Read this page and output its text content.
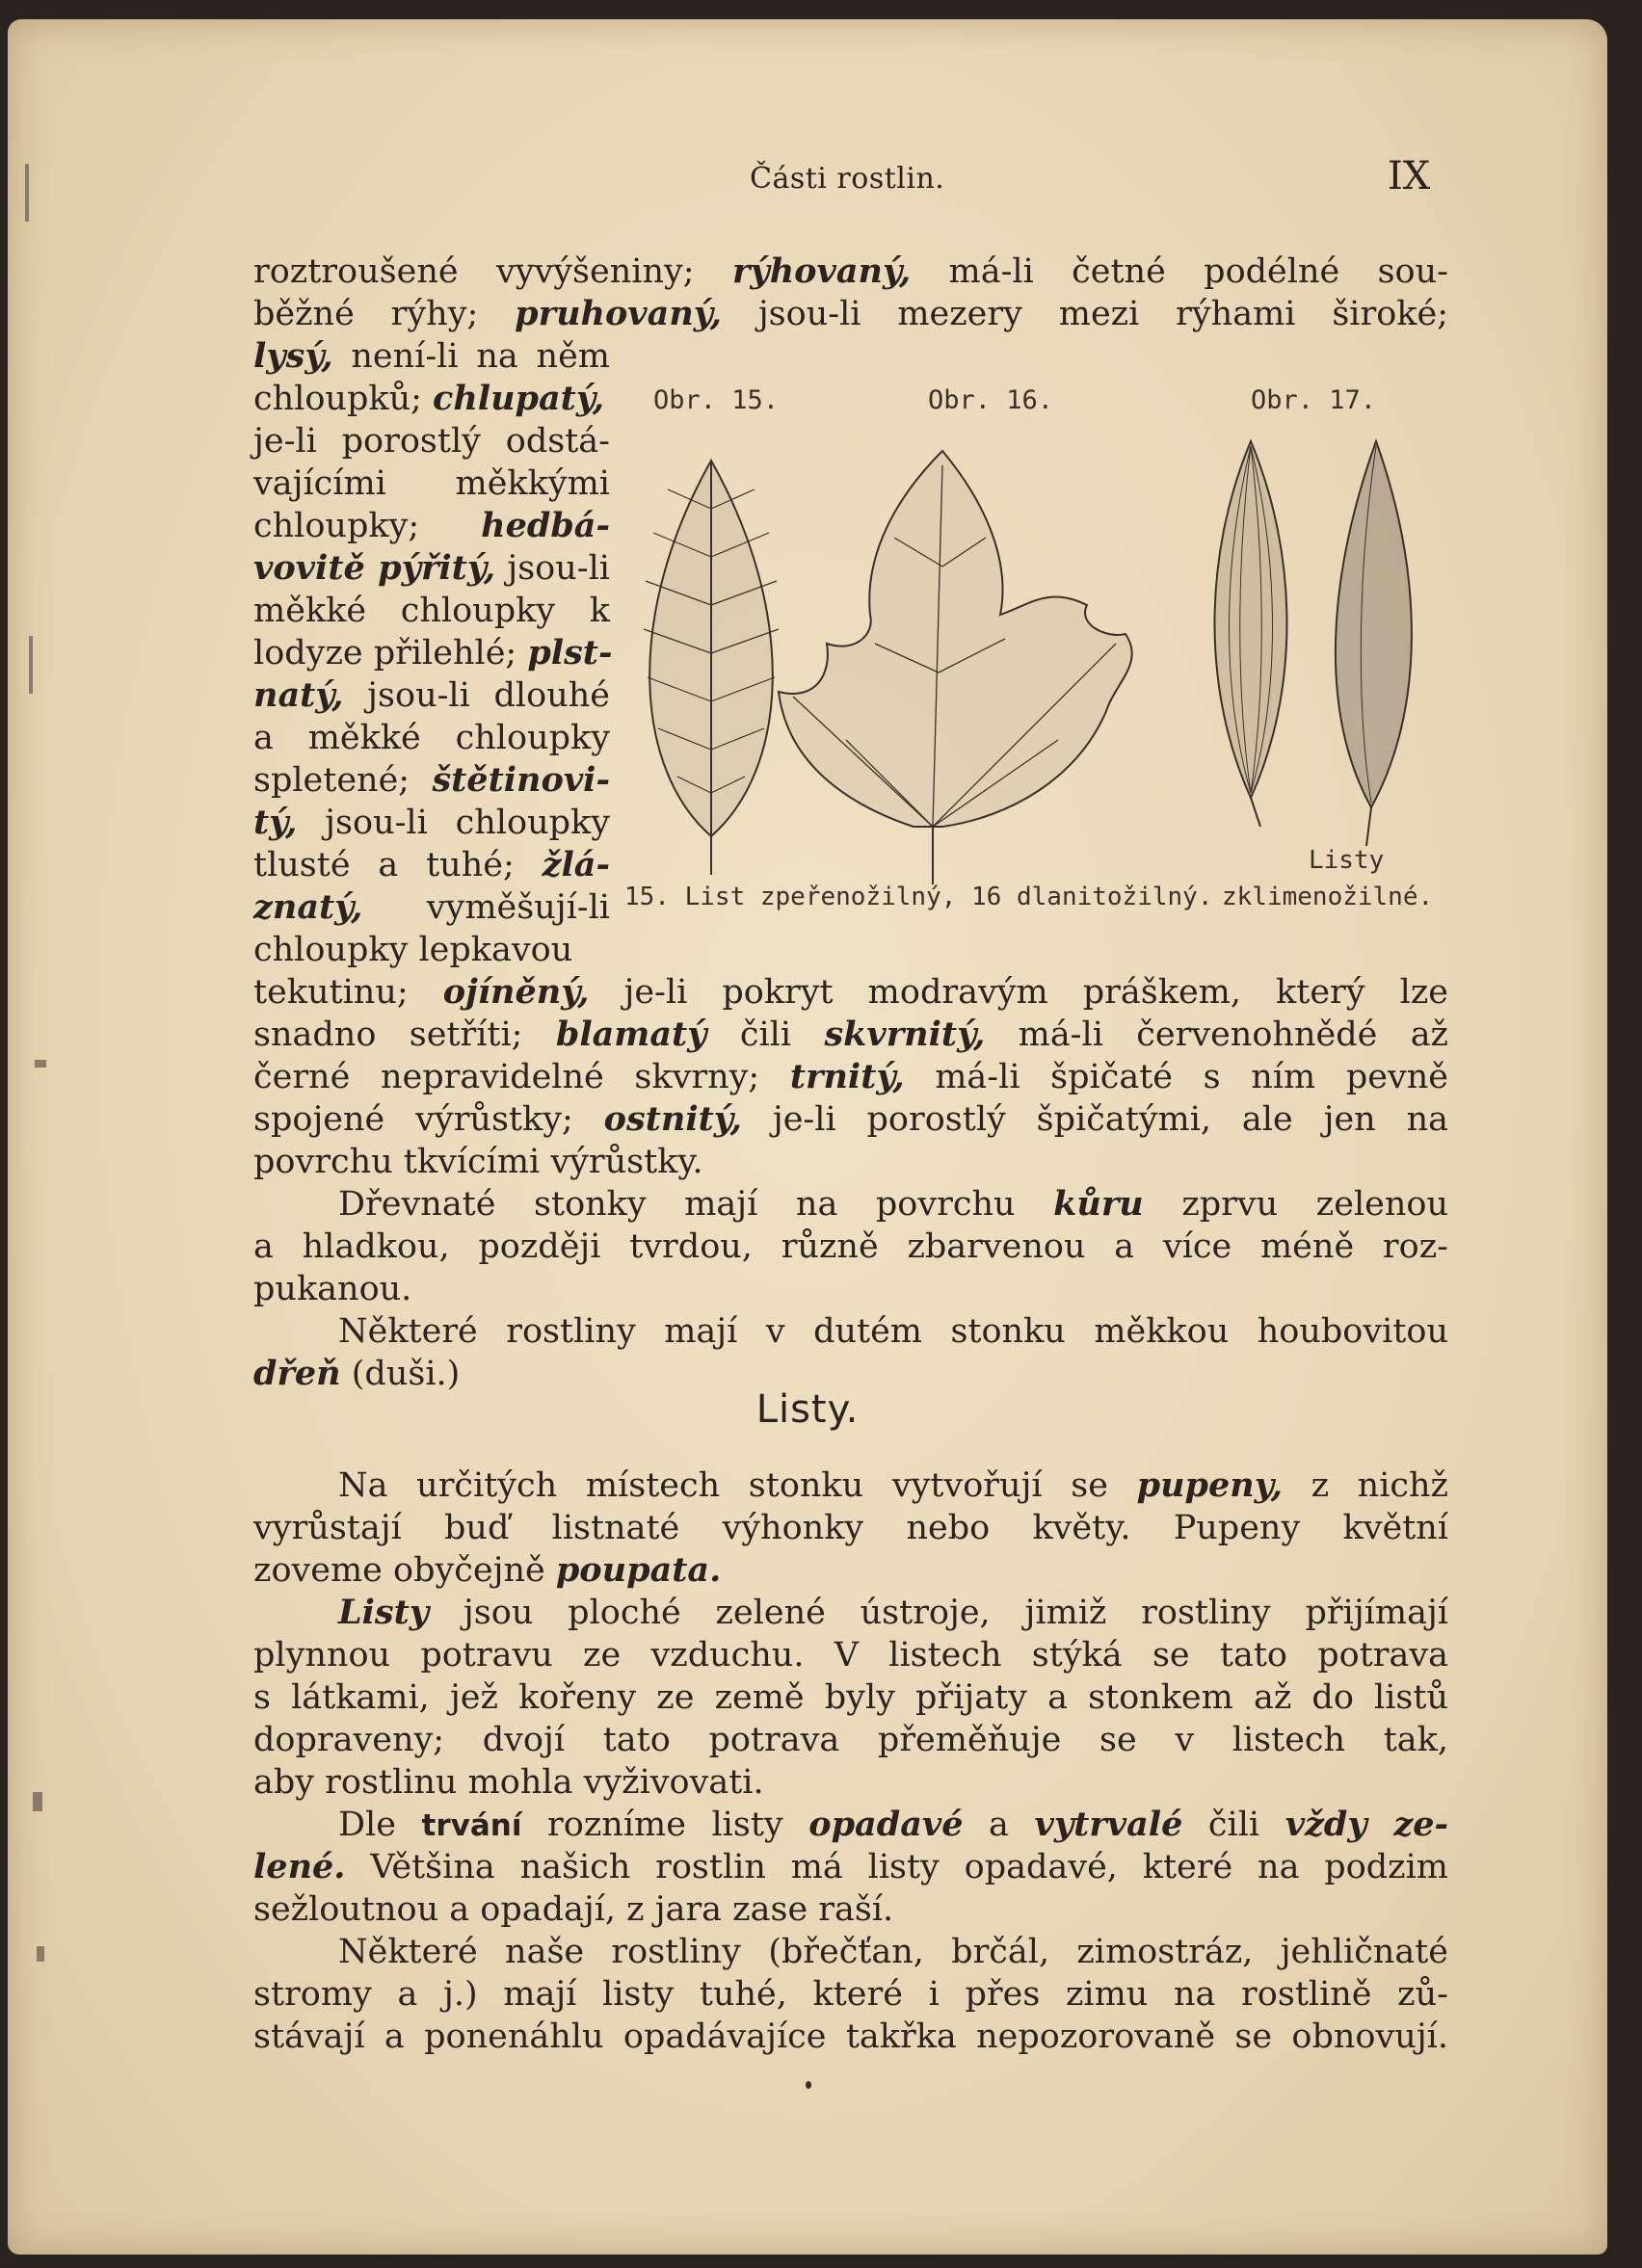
Části rostlin.	IX
roztroušené vyvýšeniny; rýhovaný, má-li četné podélné sou-
běžné rýhy; pruhovaný, jsou-li mezery mezi rýhami široké;
lysý, není-li na něm
chloupků; chlupatý,
je-li porostlý odstá-
vajícími měkkými
chloupky; hedbá-
vovitě pýřitý, jsou-li
měkké chloupky k
lodyze přilehlé; plst-
natý, jsou-li dlouhé
a měkké chloupky
spletené; štětinovi-
tý, jsou-li chloupky
tlusté a tuhé; žlá-
znatý, vyměšují-li
chloupky lepkavou
Obr. 15.	Obr. 16.	Obr. 17.
Listy
15. List zpeřenožilný, 16 dlanitožilný. zklimenožilné.
tekutinu; ojíněný, je-li pokryt modravým práškem, který lze
snadno setříti; blamatý čili skvrnitý, má-li červenohnědé až
černé nepravidelné skvrny; trnitý, má-li špičaté s ním pevně
spojené výrůstky; ostnitý, je-li porostlý špičatými, ale jen na
povrchu tkvícími výrůstky.
Dřevnaté stonky mají na povrchu kůru zprvu zelenou
a hladkou, později tvrdou, různě zbarvenou a více méně roz-
pukanou.
Některé rostliny mají v dutém stonku měkkou houbovitou
dřeň (duši.)
Listy.
Na určitých místech stonku vytvořují se pupeny, z nichž
vyrůstají buď listnaté výhonky nebo květy. Pupeny květní
zoveme obyčejně poupata.
Listy jsou ploché zelené ústroje, jimiž rostliny přijímají
plynnou potravu ze vzduchu. V listech stýká se tato potrava
s látkami, jež kořeny ze země byly přijaty a stonkem až do listů
dopraveny; dvojí tato potrava přeměňuje se v listech tak,
aby rostlinu mohla vyživovati.
Dle trvání rozníme listy opadavé a vytrvalé čili vždy ze-
lené. Většina našich rostlin má listy opadavé, které na podzim
sežloutnou a opadají, z jara zase raší.
Některé naše rostliny (břečťan, brčál, zimostráz, jehličnaté
stromy a j.) mají listy tuhé, které i přes zimu na rostlině zů-
stávají a ponenáhlu opadávajíce takřka nepozorovaně se obnovují.
